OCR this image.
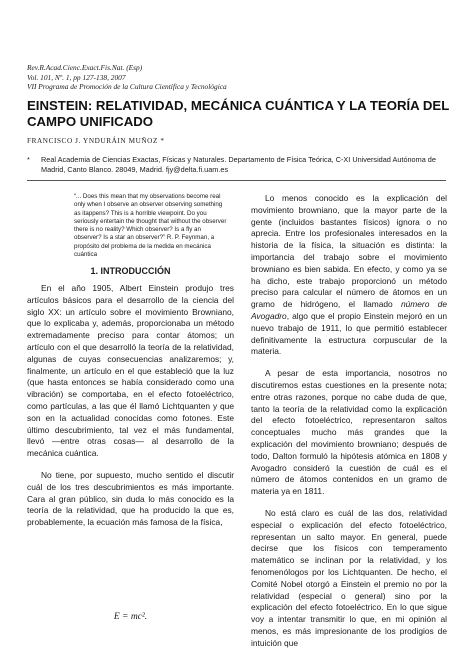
Rev.R.Acad.Cienc.Exact.Fis.Nat. (Esp)
Vol. 101, Nº. 1, pp 127-138, 2007
VII Programa de Promoción de la Cultura Científica y Tecnológica
EINSTEIN: RELATIVIDAD, MECÁNICA CUÁNTICA Y LA TEORÍA DEL CAMPO UNIFICADO
FRANCISCO J. YNDURÁIN MUÑOZ *
* Real Academia de Ciencias Exactas, Físicas y Naturales. Departamento de Física Teórica, C-XI Universidad Autónoma de Madrid, Canto Blanco. 28049, Madrid. fjy@delta.fi.uam.es
“... Does this mean that my observations become real only when I observe an observer observing something as itappens? This is a horrible viewpoint. Do you seriously entertain the thought that without the observer there is no reality? Which observer? Is a fly an observer? Is a star an observer?” R. P. Feynman, a propósito del problema de la medida en mecánica cuántica
1. INTRODUCCIÓN

En el año 1905, Albert Einstein produjo tres artículos básicos para el desarrollo de la ciencia del siglo XX: un artículo sobre el movimiento Browniano, que lo explicaba y, además, proporcionaba un método extremadamente preciso para contar átomos; un artículo con el que desarrolló la teoría de la relatividad, algunas de cuyas consecuencias analizaremos; y, finalmente, un artículo en el que estableció que la luz (que hasta entonces se había considerado como una vibración) se comportaba, en el efecto fotoeléctrico, como partículas, a las que él llamó Lichtquanten y que son en la actualidad conocidas como fotones. Este último descubrimiento, tal vez el más fundamental, llevó —entre otras cosas— al desarrollo de la mecánica cuántica.

No tiene, por supuesto, mucho sentido el discutir cuál de los tres descubrimientos es más importante. Cara al gran público, sin duda lo más conocido es la teoría de la relatividad, que ha producido la que es, probablemente, la ecuación más famosa de la física,

E = mc².

Lo menos conocido es la explicación del movimiento browniano, que la mayor parte de la gente (incluidos bastantes físicos) ignora o no aprecia. Entre los profesionales interesados en la historia de la física, la situación es distinta: la importancia del trabajo sobre el movimiento browniano es bien sabida. En efecto, y como ya se ha dicho, este trabajo proporcionó un método preciso para calcular el número de átomos en un gramo de hidrógeno, el llamado número de Avogadro, algo que el propio Einstein mejoró en un nuevo trabajo de 1911, lo que permitió establecer definitivamente la estructura corpuscular de la materia.

A pesar de esta importancia, nosotros no discutiremos estas cuestiones en la presente nota; entre otras razones, porque no cabe duda de que, tanto la teoría de la relatividad como la explicación del efecto fotoeléctrico, representaron saltos conceptuales mucho más grandes que la explicación del movimiento browniano; después de todo, Dalton formuló la hipótesis atómica en 1808 y Avogadro consideró la cuestión de cuál es el número de átomos contenidos en un gramo de materia ya en 1811.

No está claro es cuál de las dos, relatividad especial o explicación del efecto fotoeléctrico, representan un salto mayor. En general, puede decirse que los físicos con temperamento matemático se inclinan por la relatividad, y los fenomenólogos por los Lichtquanten. De hecho, el Comité Nobel otorgó a Einstein el premio no por la relatividad (especial o general) sino por la explicación del efecto fotoeléctrico. En lo que sigue voy a intentar transmitir lo que, en mi opinión al menos, es más impresionante de los prodigios de intuición que
